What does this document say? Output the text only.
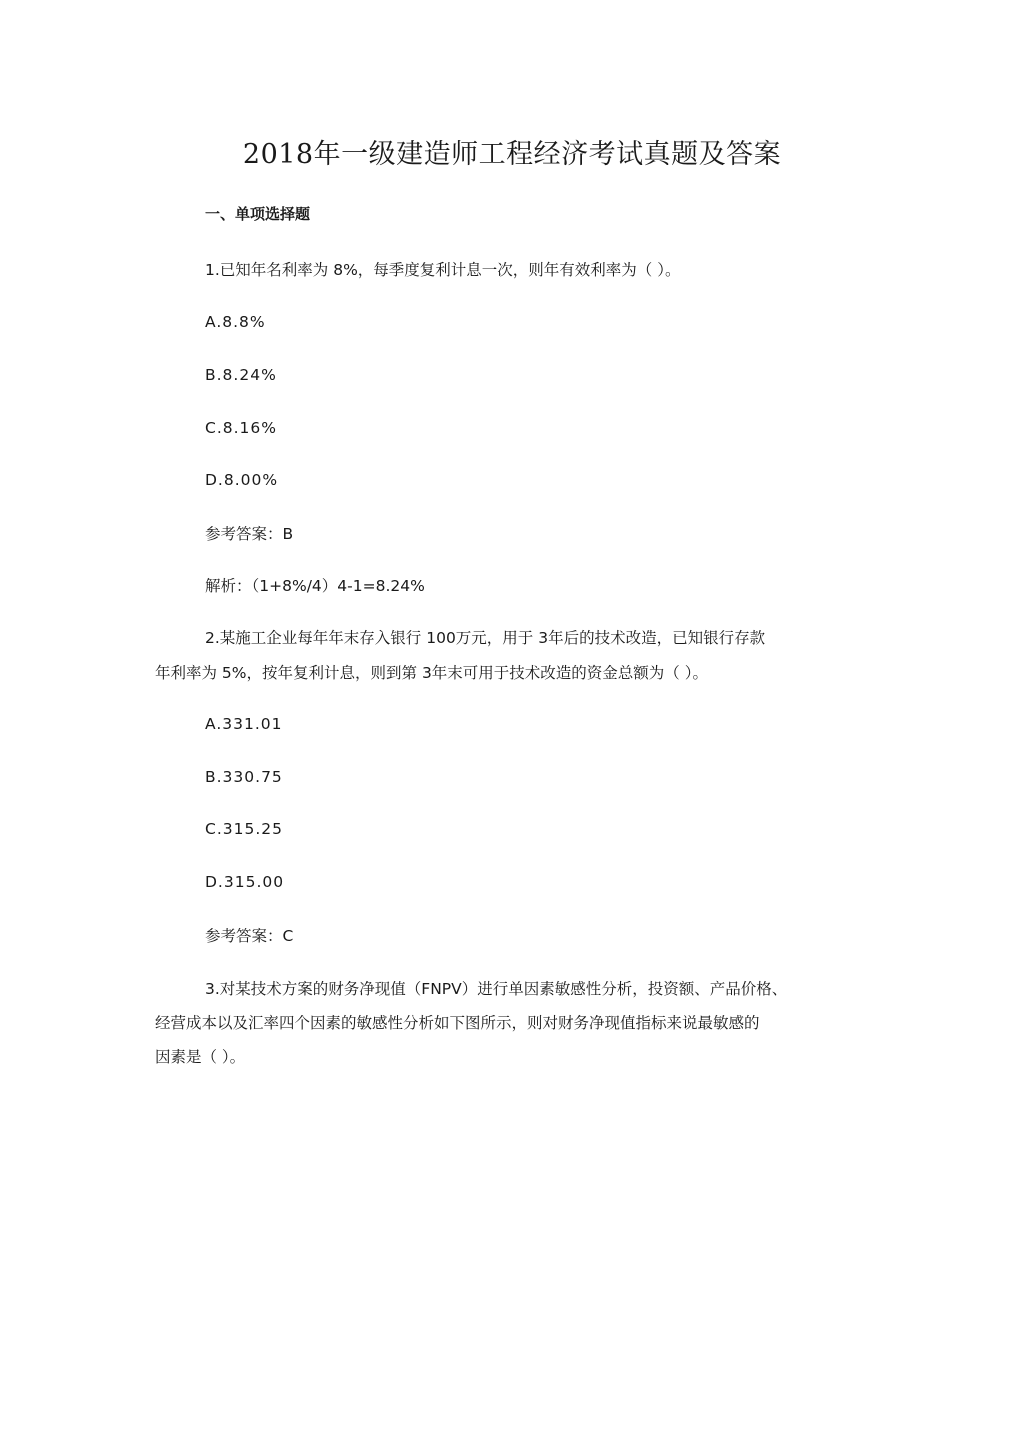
2018年一级建造师工程经济考试真题及答案
一、单项选择题
1.已知年名利率为 8%，每季度复利计息一次，则年有效利率为（ ）。
A.8.8%
B.8.24%
C.8.16%
D.8.00%
参考答案：B
解析：（1+8%/4）4-1=8.24%
2.某施工企业每年年末存入银行 100万元，用于 3年后的技术改造，已知银行存款
年利率为 5%，按年复利计息，则到第 3年末可用于技术改造的资金总额为（ ）。
A.331.01
B.330.75
C.315.25
D.315.00
参考答案：C
3.对某技术方案的财务净现值（FNPV）进行单因素敏感性分析，投资额、产品价格、
经营成本以及汇率四个因素的敏感性分析如下图所示，则对财务净现值指标来说最敏感的
因素是（ ）。
